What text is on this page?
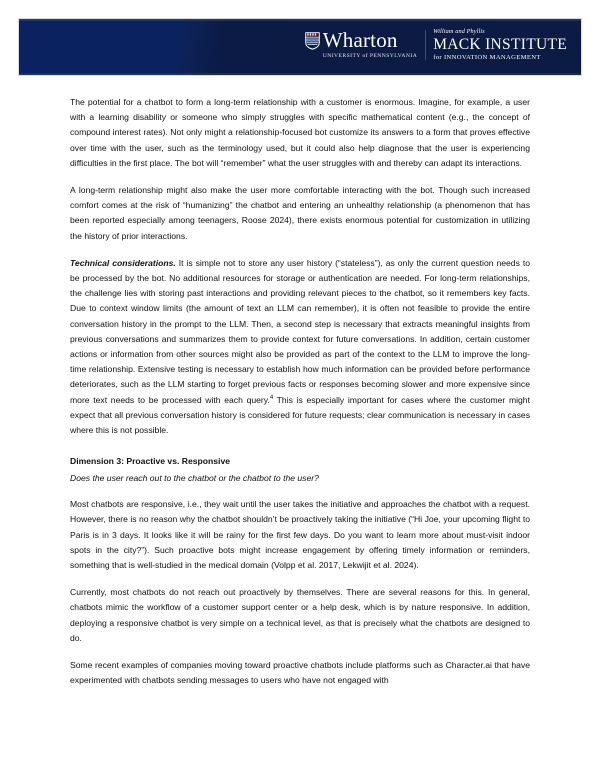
Wharton
UNIVERSITY of PENNSYLVANIA
William and Phyllis
MACK INSTITUTE
for INNOVATION MANAGEMENT

The potential for a chatbot to form a long-term relationship with a customer is enormous. Imagine, for example, a user with a learning disability or someone who simply struggles with specific mathematical content (e.g., the concept of compound interest rates). Not only might a relationship-focused bot customize its answers to a form that proves effective over time with the user, such as the terminology used, but it could also help diagnose that the user is experiencing difficulties in the first place. The bot will “remember” what the user struggles with and thereby can adapt its interactions.

A long-term relationship might also make the user more comfortable interacting with the bot. Though such increased comfort comes at the risk of “humanizing” the chatbot and entering an unhealthy relationship (a phenomenon that has been reported especially among teenagers, Roose 2024), there exists enormous potential for customization in utilizing the history of prior interactions.

Technical considerations. It is simple not to store any user history (“stateless”), as only the current question needs to be processed by the bot. No additional resources for storage or authentication are needed. For long-term relationships, the challenge lies with storing past interactions and providing relevant pieces to the chatbot, so it remembers key facts. Due to context window limits (the amount of text an LLM can remember), it is often not feasible to provide the entire conversation history in the prompt to the LLM. Then, a second step is necessary that extracts meaningful insights from previous conversations and summarizes them to provide context for future conversations. In addition, certain customer actions or information from other sources might also be provided as part of the context to the LLM to improve the long-time relationship. Extensive testing is necessary to establish how much information can be provided before performance deteriorates, such as the LLM starting to forget previous facts or responses becoming slower and more expensive since more text needs to be processed with each query.$^4$ This is especially important for cases where the customer might expect that all previous conversation history is considered for future requests; clear communication is necessary in cases where this is not possible.

Dimension 3: Proactive vs. Responsive

Does the user reach out to the chatbot or the chatbot to the user?

Most chatbots are responsive, i.e., they wait until the user takes the initiative and approaches the chatbot with a request. However, there is no reason why the chatbot shouldn’t be proactively taking the initiative (“Hi Joe, your upcoming flight to Paris is in 3 days. It looks like it will be rainy for the first few days. Do you want to learn more about must-visit indoor spots in the city?”). Such proactive bots might increase engagement by offering timely information or reminders, something that is well-studied in the medical domain (Volpp et al. 2017, Lekwijit et al. 2024).

Currently, most chatbots do not reach out proactively by themselves. There are several reasons for this. In general, chatbots mimic the workflow of a customer support center or a help desk, which is by nature responsive. In addition, deploying a responsive chatbot is very simple on a technical level, as that is precisely what the chatbots are designed to do.

Some recent examples of companies moving toward proactive chatbots include platforms such as Character.ai that have experimented with chatbots sending messages to users who have not engaged with
